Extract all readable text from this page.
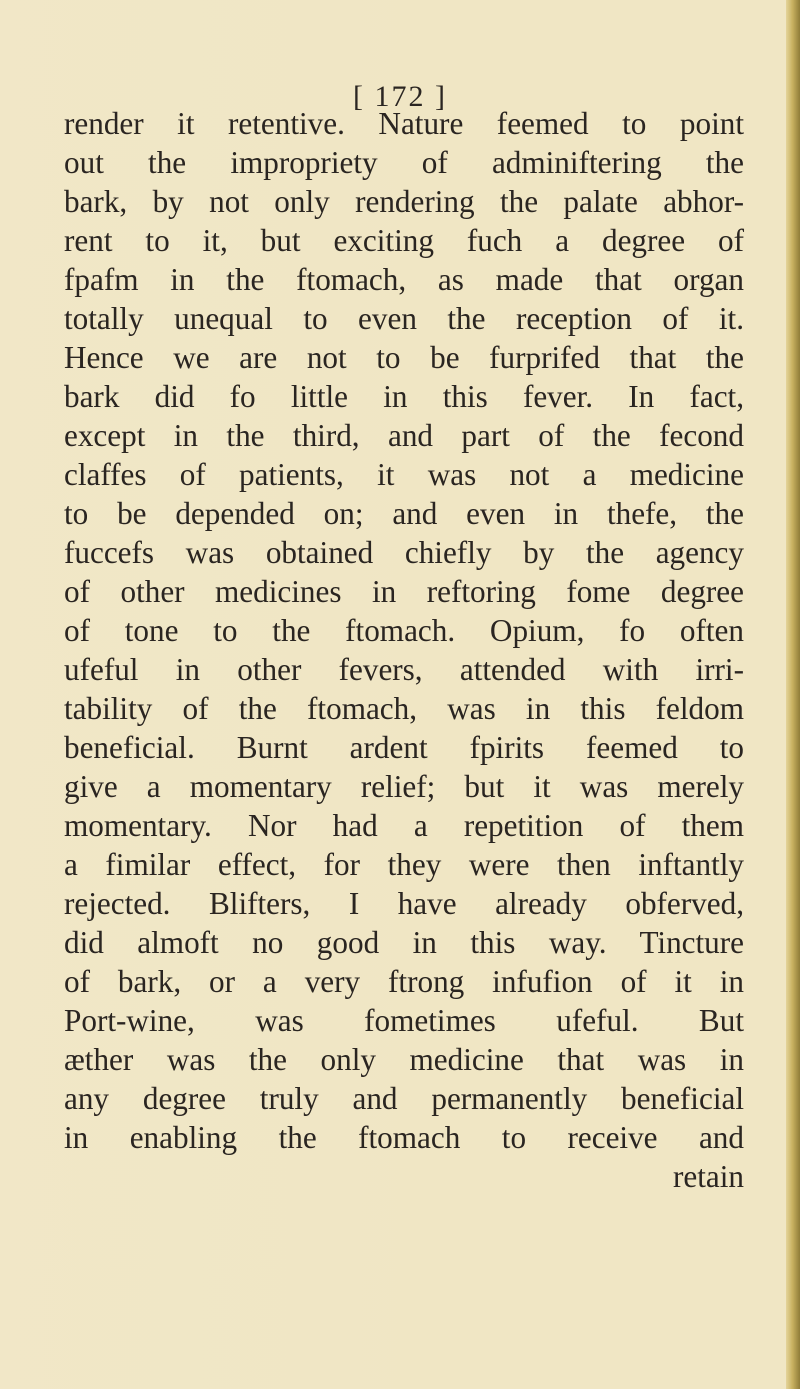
[ 172 ]
render it retentive. Nature feemed to point
out the impropriety of adminiftering the
bark, by not only rendering the palate abhor-
rent to it, but exciting fuch a degree of
fpafm in the ftomach, as made that organ
totally unequal to even the reception of it.
Hence we are not to be furprifed that the
bark did fo little in this fever. In fact,
except in the third, and part of the fecond
claffes of patients, it was not a medicine
to be depended on; and even in thefe, the
fuccefs was obtained chiefly by the agency
of other medicines in reftoring fome degree
of tone to the ftomach. Opium, fo often
ufeful in other fevers, attended with irri-
tability of the ftomach, was in this feldom
beneficial. Burnt ardent fpirits feemed to
give a momentary relief; but it was merely
momentary. Nor had a repetition of them
a fimilar effect, for they were then inftantly
rejected. Blifters, I have already obferved,
did almoft no good in this way. Tincture
of bark, or a very ftrong infufion of it in
Port-wine, was fometimes ufeful. But
æther was the only medicine that was in
any degree truly and permanently beneficial
in enabling the ftomach to receive and
retain
